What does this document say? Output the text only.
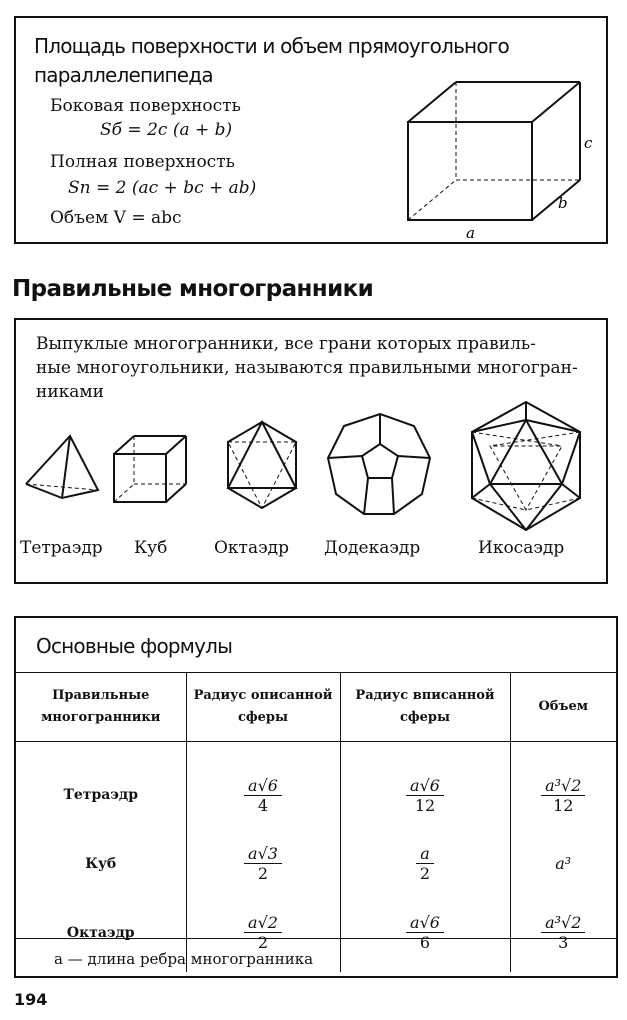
Площадь поверхности и объем прямоугольного
параллелепипеда
Боковая поверхность
Sб = 2c (a + b)
Полная поверхность
Sп = 2 (ac + bc + ab)
Объем V = abc
c
b
a
Правильные многогранники
Выпуклые многогранники, все грани которых правиль-
ные многоугольники, называются правильными многогран-
никами
Тетраэдр Куб	Октаэдр Додекаэдр	Икосаэдр
Основные формулы
Правильные многогранники	Радиус описанной сферы	Радиус вписанной сферы	Объем
Тетраэдр	$\frac{a√6}{4}$	$\frac{a√6}{12}$	$\frac{\text{a³√2}}{12}$

Куб	$\frac{a√3}{2}$	$\frac{a}{2}$	a³
Октаэдр	$\frac{a√2}{2}$	$\frac{a√6}{6}$	$\frac{\text{a³√2}}{3}$
a — длина ребра многогранника
194
